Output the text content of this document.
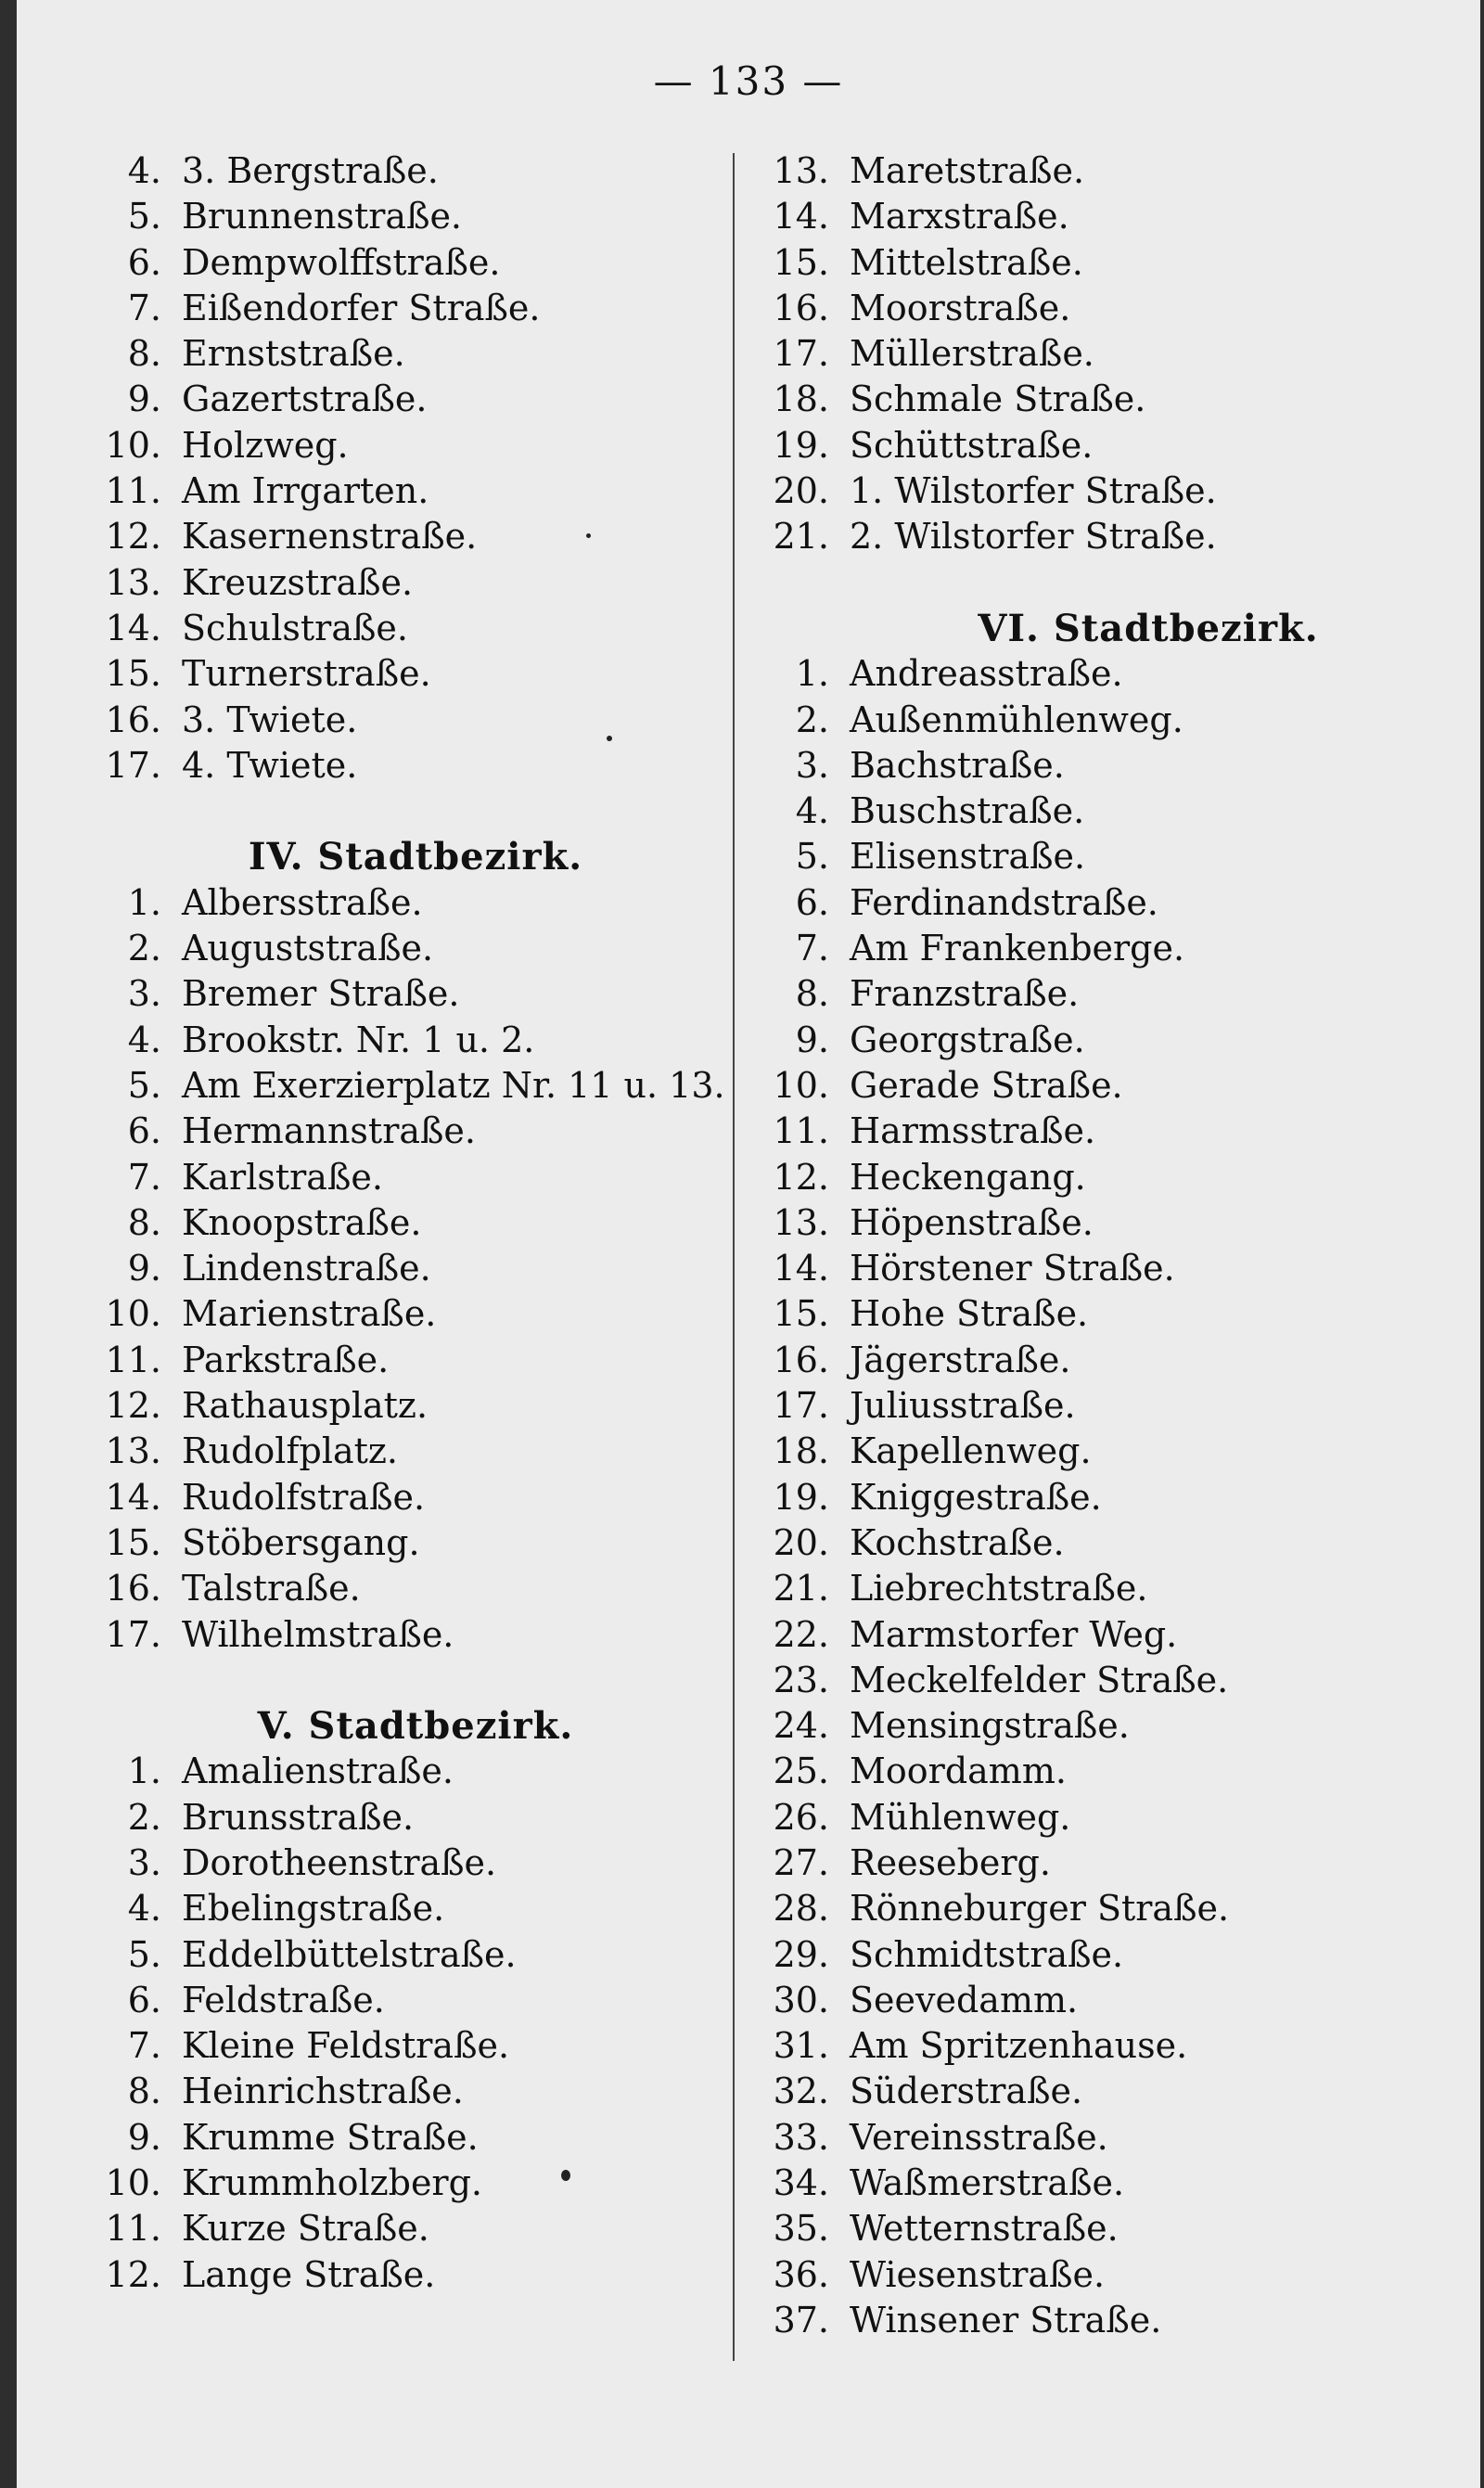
— 133 —
4. 3. Bergstraße.
5. Brunnenstraße.
6. Dempwolffstraße.
7. Eißendorfer Straße.
8. Ernststraße.
9. Gazertstraße.
10. Holzweg.
11. Am Irrgarten.
12. Kasernenstraße.
13. Kreuzstraße.
14. Schulstraße.
15. Turnerstraße.
16. 3. Twiete.
17. 4. Twiete.
IV. Stadtbezirk.
1. Albersstraße.
2. Auguststraße.
3. Bremer Straße.
4. Brookstr. Nr. 1 u. 2.
5. Am Exerzierplatz Nr. 11 u. 13.
6. Hermannstraße.
7. Karlstraße.
8. Knoopstraße.
9. Lindenstraße.
10. Marienstraße.
11. Parkstraße.
12. Rathausplatz.
13. Rudolfplatz.
14. Rudolfstraße.
15. Stöbersgang.
16. Talstraße.
17. Wilhelmstraße.
V. Stadtbezirk.
1. Amalienstraße.
2. Brunsstraße.
3. Dorotheenstraße.
4. Ebelingstraße.
5. Eddelbüttelstraße.
6. Feldstraße.
7. Kleine Feldstraße.
8. Heinrichstraße.
9. Krumme Straße.
10. Krummholzberg.
11. Kurze Straße.
12. Lange Straße.
13. Maretstraße.
14. Marxstraße.
15. Mittelstraße.
16. Moorstraße.
17. Müllerstraße.
18. Schmale Straße.
19. Schüttstraße.
20. 1. Wilstorfer Straße.
21. 2. Wilstorfer Straße.
VI. Stadtbezirk.
1. Andreasstraße.
2. Außenmühlenweg.
3. Bachstraße.
4. Buschstraße.
5. Elisenstraße.
6. Ferdinandstraße.
7. Am Frankenberge.
8. Franzstraße.
9. Georgstraße.
10. Gerade Straße.
11. Harmsstraße.
12. Heckengang.
13. Höpenstraße.
14. Hörstener Straße.
15. Hohe Straße.
16. Jägerstraße.
17. Juliusstraße.
18. Kapellenweg.
19. Kniggestraße.
20. Kochstraße.
21. Liebrechtstraße.
22. Marmstorfer Weg.
23. Meckelfelder Straße.
24. Mensingstraße.
25. Moordamm.
26. Mühlenweg.
27. Reeseberg.
28. Rönneburger Straße.
29. Schmidtstraße.
30. Seevedamm.
31. Am Spritzenhause.
32. Süderstraße.
33. Vereinsstraße.
34. Waßmerstraße.
35. Wetternstraße.
36. Wiesenstraße.
37. Winsener Straße.
